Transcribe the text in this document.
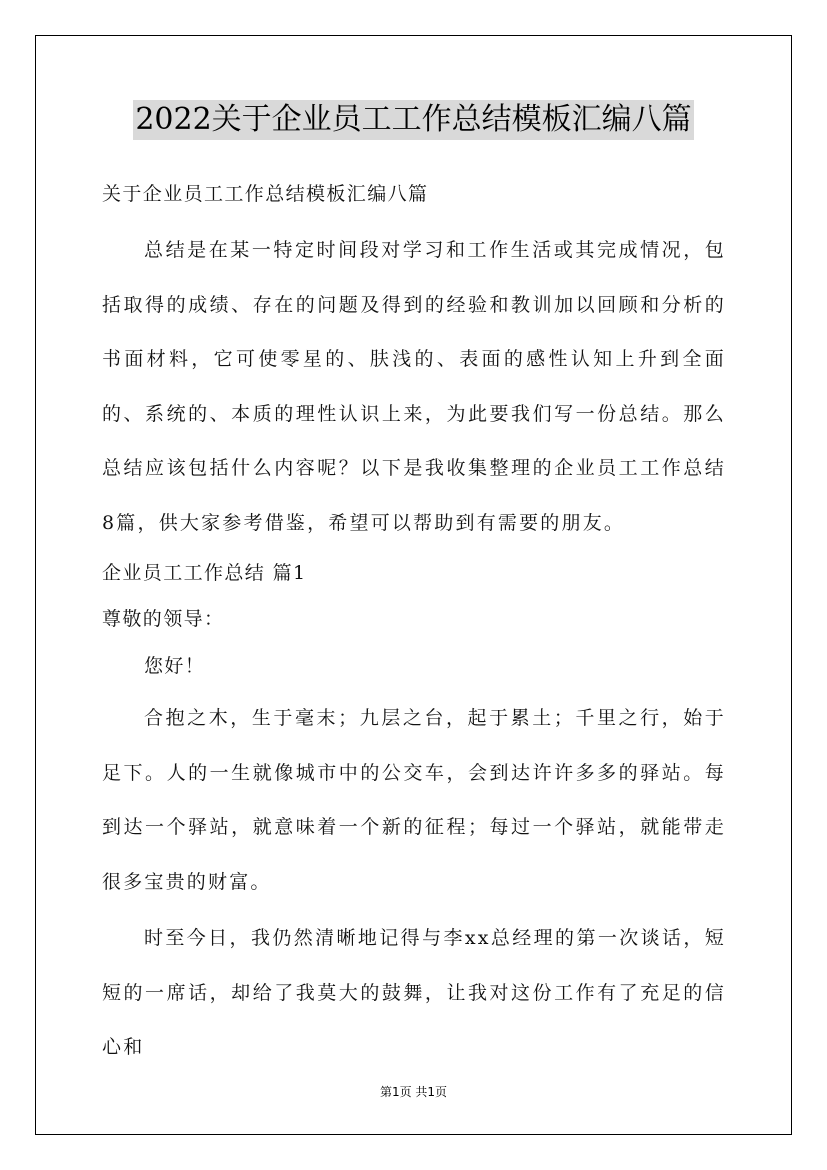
2022关于企业员工工作总结模板汇编八篇
关于企业员工工作总结模板汇编八篇

总结是在某一特定时间段对学习和工作生活或其完成情况，包括取得的成绩、存在的问题及得到的经验和教训加以回顾和分析的书面材料，它可使零星的、肤浅的、表面的感性认知上升到全面的、系统的、本质的理性认识上来，为此要我们写一份总结。那么总结应该包括什么内容呢？以下是我收集整理的企业员工工作总结8篇，供大家参考借鉴，希望可以帮助到有需要的朋友。

企业员工工作总结 篇1
尊敬的领导：
您好！

合抱之木，生于毫末；九层之台，起于累土；千里之行，始于足下。人的一生就像城市中的公交车，会到达许许多多的驿站。每到达一个驿站，就意味着一个新的征程；每过一个驿站，就能带走很多宝贵的财富。

时至今日，我仍然清晰地记得与李xx总经理的第一次谈话，短短的一席话，却给了我莫大的鼓舞，让我对这份工作有了充足的信心和

第1页 共1页
